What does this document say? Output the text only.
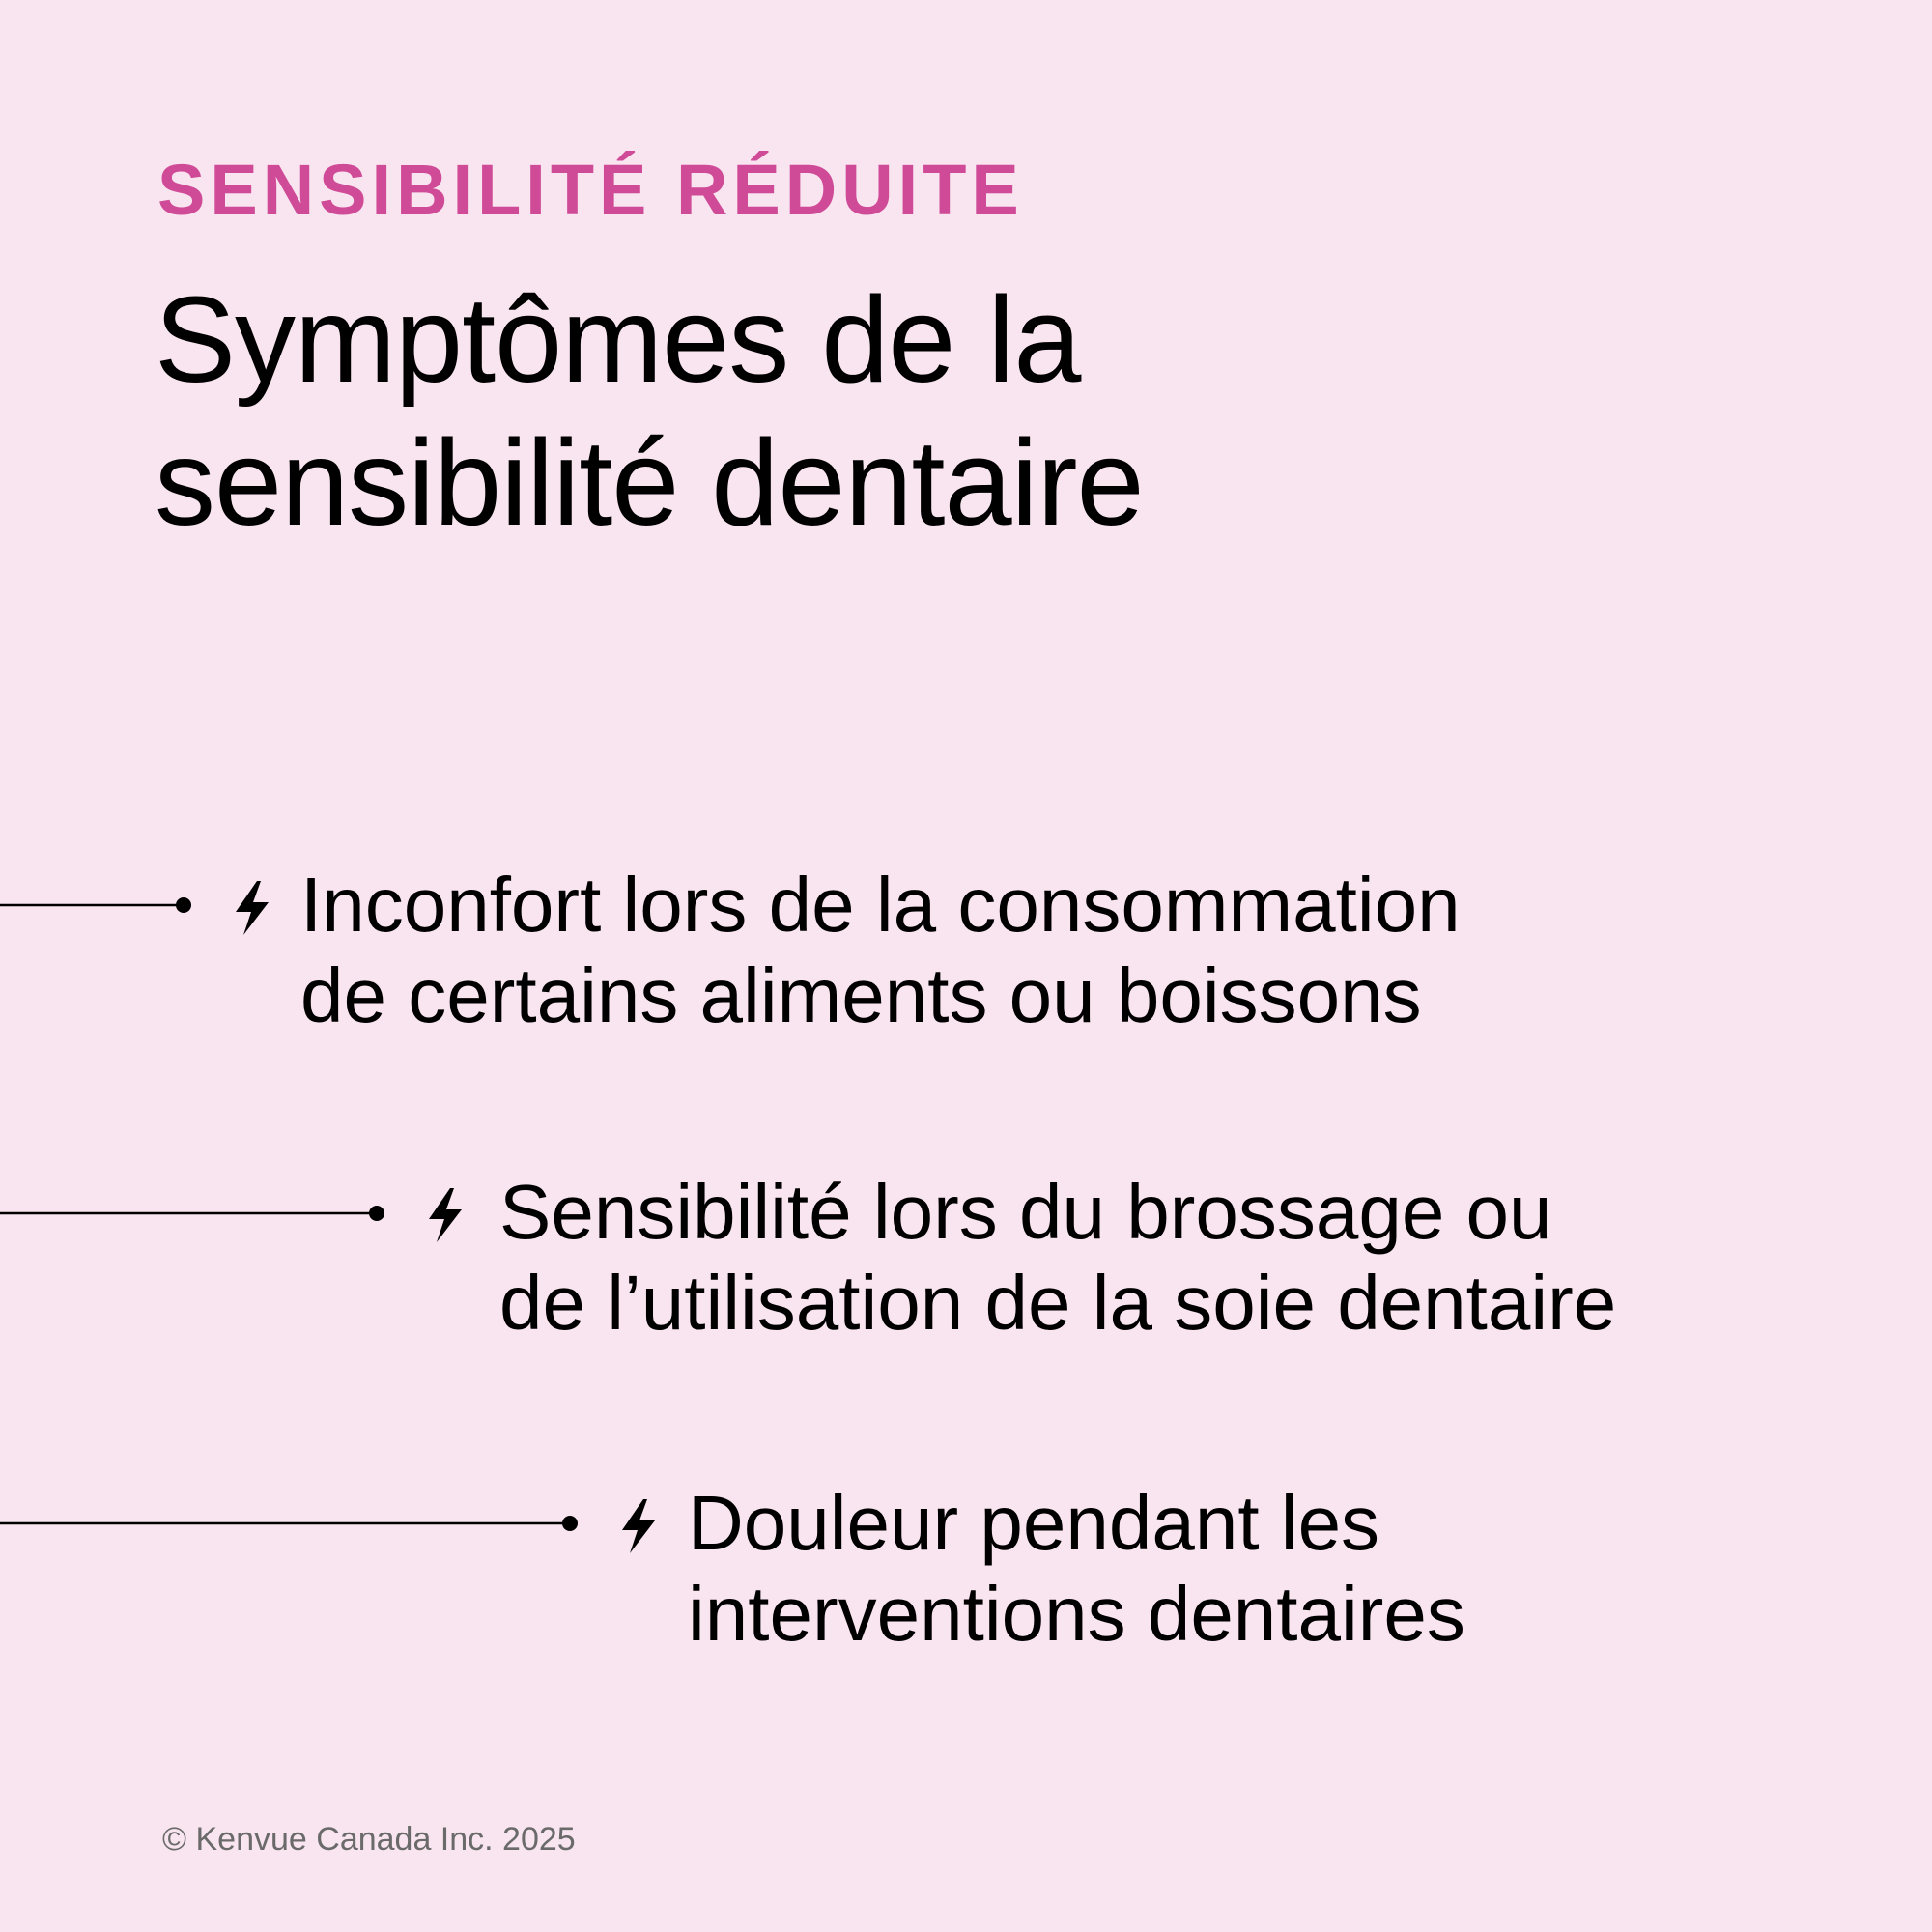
SENSIBILITÉ RÉDUITE
Symptômes de la
sensibilité dentaire

Inconfort lors de la consommation
de certains aliments ou boissons

Sensibilité lors du brossage ou
de l’utilisation de la soie dentaire

Douleur pendant les
interventions dentaires

© Kenvue Canada Inc. 2025
